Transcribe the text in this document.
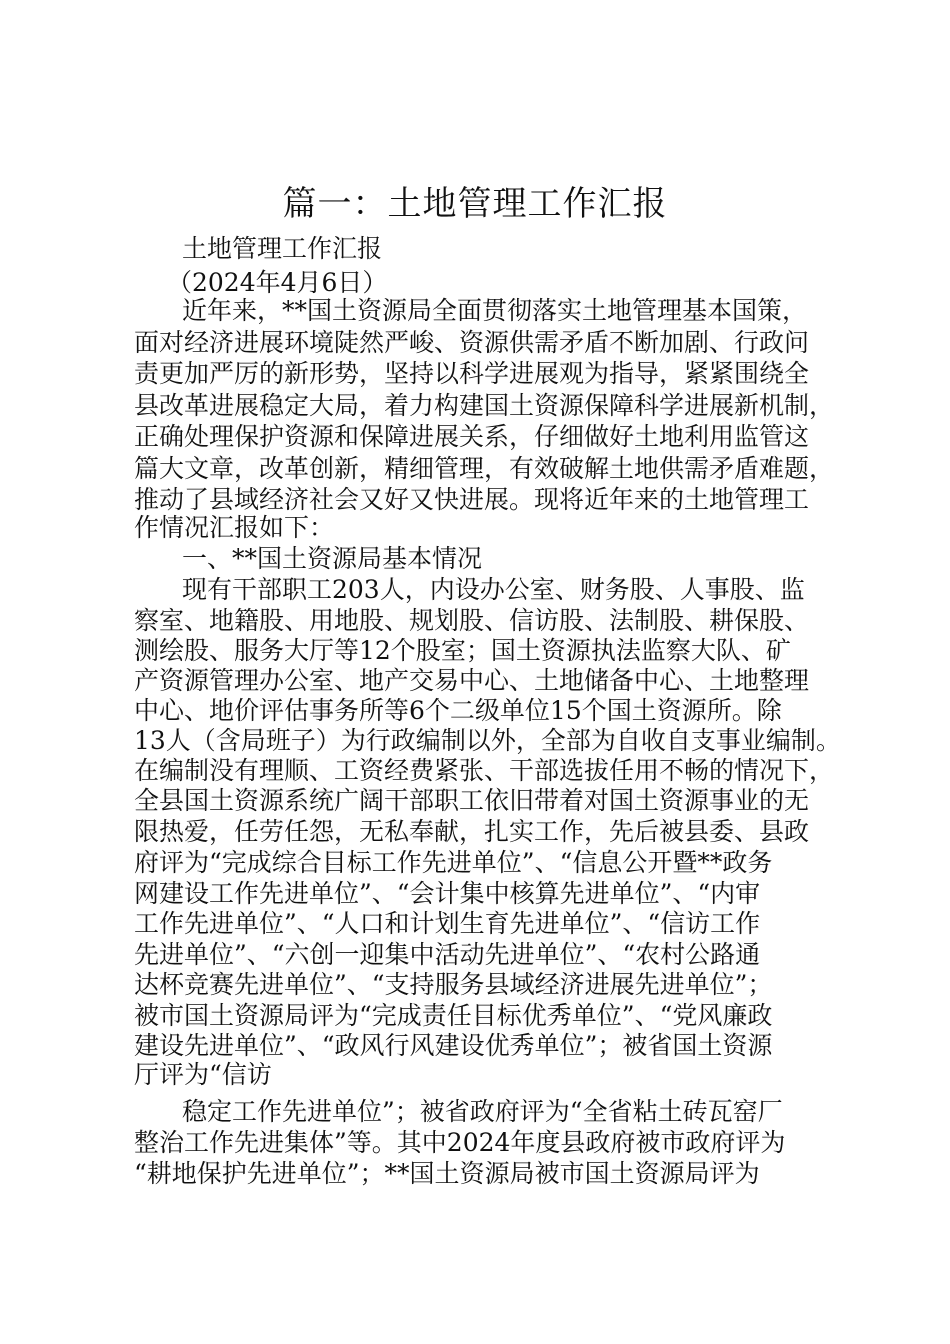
篇一：土地管理工作汇报
土地管理工作汇报
（2024年4月6日）
近年来，**国土资源局全面贯彻落实土地管理基本国策，
面对经济进展环境陡然严峻、资源供需矛盾不断加剧、行政问
责更加严厉的新形势，坚持以科学进展观为指导，紧紧围绕全
县改革进展稳定大局，着力构建国土资源保障科学进展新机制，
正确处理保护资源和保障进展关系，仔细做好土地利用监管这
篇大文章，改革创新，精细管理，有效破解土地供需矛盾难题，
推动了县域经济社会又好又快进展。现将近年来的土地管理工
作情况汇报如下：
一、**国土资源局基本情况
现有干部职工203人，内设办公室、财务股、人事股、监
察室、地籍股、用地股、规划股、信访股、法制股、耕保股、
测绘股、服务大厅等12个股室；国土资源执法监察大队、矿
产资源管理办公室、地产交易中心、土地储备中心、土地整理
中心、地价评估事务所等6个二级单位15个国土资源所。除
13人（含局班子）为行政编制以外，全部为自收自支事业编制。
在编制没有理顺、工资经费紧张、干部选拔任用不畅的情况下，
全县国土资源系统广阔干部职工依旧带着对国土资源事业的无
限热爱，任劳任怨，无私奉献，扎实工作，先后被县委、县政
府评为“完成综合目标工作先进单位”、“信息公开暨**政务
网建设工作先进单位”、“会计集中核算先进单位”、“内审
工作先进单位”、“人口和计划生育先进单位”、“信访工作
先进单位”、“六创一迎集中活动先进单位”、“农村公路通
达杯竞赛先进单位”、“支持服务县域经济进展先进单位”；
被市国土资源局评为“完成责任目标优秀单位”、“党风廉政
建设先进单位”、“政风行风建设优秀单位”；被省国土资源
厅评为“信访
稳定工作先进单位”；被省政府评为“全省粘土砖瓦窑厂
整治工作先进集体”等。其中2024年度县政府被市政府评为
“耕地保护先进单位”；**国土资源局被市国土资源局评为
